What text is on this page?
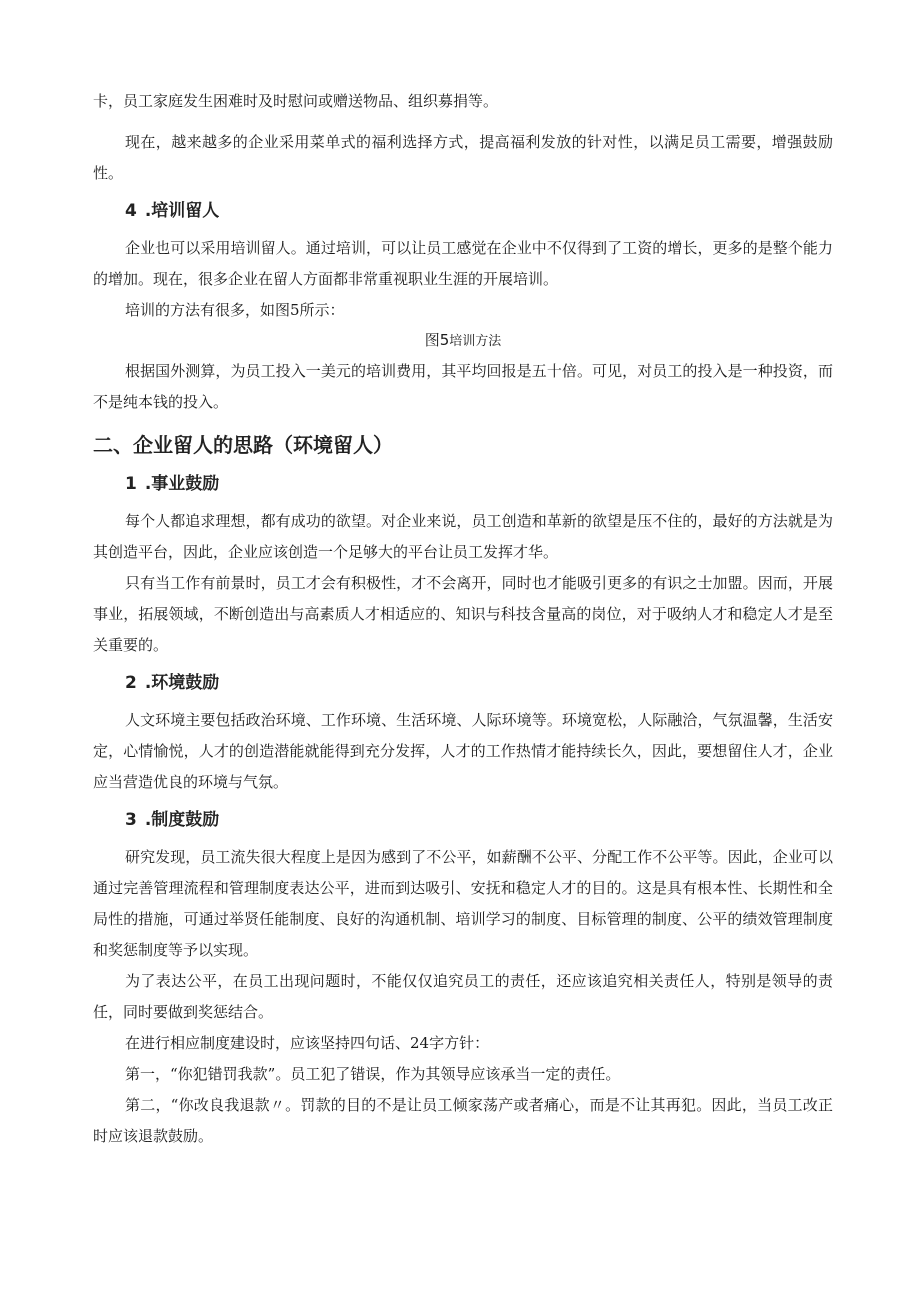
卡，员工家庭发生困难时及时慰问或赠送物品、组织募捐等。

现在，越来越多的企业采用菜单式的福利选择方式，提高福利发放的针对性，以满足员工需要，增强鼓励性。

4 .培训留人

企业也可以采用培训留人。通过培训，可以让员工感觉在企业中不仅得到了工资的增长，更多的是整个能力的增加。现在，很多企业在留人方面都非常重视职业生涯的开展培训。

培训的方法有很多，如图5所示：

图5培训方法

根据国外测算，为员工投入一美元的培训费用，其平均回报是五十倍。可见，对员工的投入是一种投资，而不是纯本钱的投入。

二、企业留人的思路（环境留人）
1 .事业鼓励

每个人都追求理想，都有成功的欲望。对企业来说，员工创造和革新的欲望是压不住的，最好的方法就是为其创造平台，因此，企业应该创造一个足够大的平台让员工发挥才华。

只有当工作有前景时，员工才会有积极性，才不会离开，同时也才能吸引更多的有识之士加盟。因而，开展事业，拓展领域，不断创造出与高素质人才相适应的、知识与科技含量高的岗位，对于吸纳人才和稳定人才是至关重要的。

2 .环境鼓励

人文环境主要包括政治环境、工作环境、生活环境、人际环境等。环境宽松，人际融洽，气氛温馨，生活安定，心情愉悦，人才的创造潜能就能得到充分发挥，人才的工作热情才能持续长久，因此，要想留住人才，企业应当营造优良的环境与气氛。

3 .制度鼓励

研究发现，员工流失很大程度上是因为感到了不公平，如薪酬不公平、分配工作不公平等。因此，企业可以通过完善管理流程和管理制度表达公平，进而到达吸引、安抚和稳定人才的目的。这是具有根本性、长期性和全局性的措施，可通过举贤任能制度、良好的沟通机制、培训学习的制度、目标管理的制度、公平的绩效管理制度和奖惩制度等予以实现。

为了表达公平，在员工出现问题时，不能仅仅追究员工的责任，还应该追究相关责任人，特别是领导的责任，同时要做到奖惩结合。

在进行相应制度建设时，应该坚持四句话、24字方针：

第一，“你犯错罚我款”。员工犯了错误，作为其领导应该承当一定的责任。

第二，“你改良我退款〃。罚款的目的不是让员工倾家荡产或者痛心，而是不让其再犯。因此，当员工改正时应该退款鼓励。
